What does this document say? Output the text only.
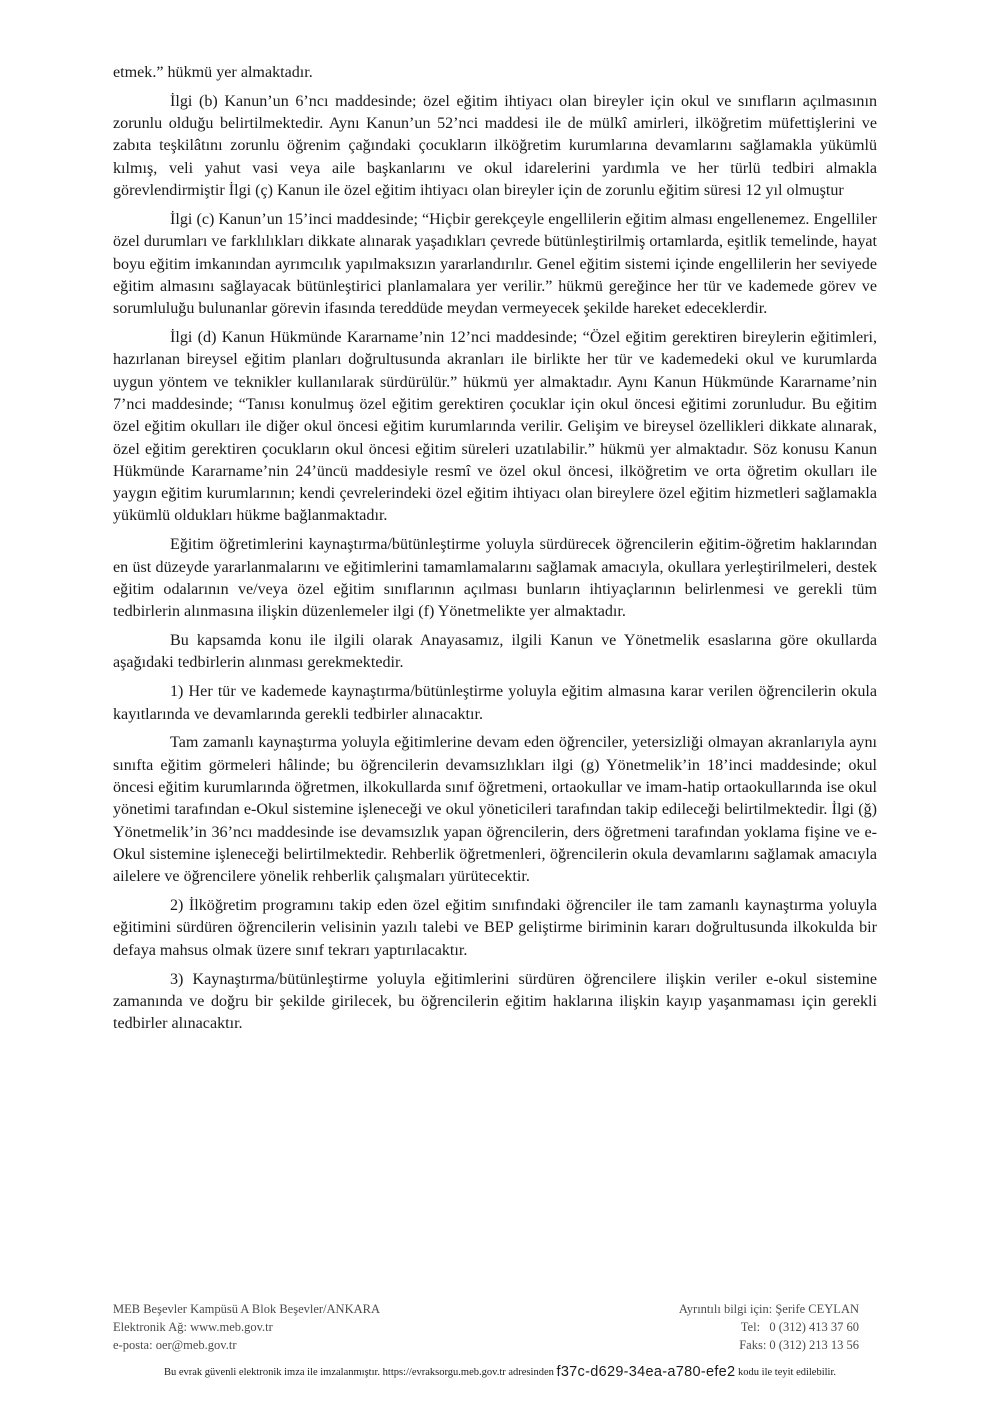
etmek.” hükmü yer almaktadır.

İlgi (b) Kanun’un 6’ncı maddesinde; özel eğitim ihtiyacı olan bireyler için okul ve sınıfların açılmasının zorunlu olduğu belirtilmektedir. Aynı Kanun’un 52’nci maddesi ile de mülkî amirleri, ilköğretim müfettişlerini ve zabıta teşkilâtını zorunlu öğrenim çağındaki çocukların ilköğretim kurumlarına devamlarını sağlamakla yükümlü kılmış, veli yahut vasi veya aile başkanlarını ve okul idarelerini yardımla ve her türlü tedbiri almakla görevlendirmiştir İlgi (ç) Kanun ile özel eğitim ihtiyacı olan bireyler için de zorunlu eğitim süresi 12 yıl olmuştur

İlgi (c) Kanun’un 15’inci maddesinde; “Hiçbir gerekçeyle engellilerin eğitim alması engellenemez. Engelliler özel durumları ve farklılıkları dikkate alınarak yaşadıkları çevrede bütünleştirilmiş ortamlarda, eşitlik temelinde, hayat boyu eğitim imkanından ayrımcılık yapılmaksızın yararlandırılır. Genel eğitim sistemi içinde engellilerin her seviyede eğitim almasını sağlayacak bütünleştirici planlamalara yer verilir.” hükmü gereğince her tür ve kademede görev ve sorumluluğu bulunanlar görevin ifasında tereddüde meydan vermeyecek şekilde hareket edeceklerdir.

İlgi (d) Kanun Hükmünde Kararname’nin 12’nci maddesinde; “Özel eğitim gerektiren bireylerin eğitimleri, hazırlanan bireysel eğitim planları doğrultusunda akranları ile birlikte her tür ve kademedeki okul ve kurumlarda uygun yöntem ve teknikler kullanılarak sürdürülür.” hükmü yer almaktadır. Aynı Kanun Hükmünde Kararname’nin 7’nci maddesinde; “Tanısı konulmuş özel eğitim gerektiren çocuklar için okul öncesi eğitimi zorunludur. Bu eğitim özel eğitim okulları ile diğer okul öncesi eğitim kurumlarında verilir. Gelişim ve bireysel özellikleri dikkate alınarak, özel eğitim gerektiren çocukların okul öncesi eğitim süreleri uzatılabilir.” hükmü yer almaktadır. Söz konusu Kanun Hükmünde Kararname’nin 24’üncü maddesiyle resmî ve özel okul öncesi, ilköğretim ve orta öğretim okulları ile yaygın eğitim kurumlarının; kendi çevrelerindeki özel eğitim ihtiyacı olan bireylere özel eğitim hizmetleri sağlamakla yükümlü oldukları hükme bağlanmaktadır.

Eğitim öğretimlerini kaynaştırma/bütünleştirme yoluyla sürdürecek öğrencilerin eğitim-öğretim haklarından en üst düzeyde yararlanmalarını ve eğitimlerini tamamlamalarını sağlamak amacıyla, okullara yerleştirilmeleri, destek eğitim odalarının ve/veya özel eğitim sınıflarının açılması bunların ihtiyaçlarının belirlenmesi ve gerekli tüm tedbirlerin alınmasına ilişkin düzenlemeler ilgi (f) Yönetmelikte yer almaktadır.

Bu kapsamda konu ile ilgili olarak Anayasamız, ilgili Kanun ve Yönetmelik esaslarına göre okullarda aşağıdaki tedbirlerin alınması gerekmektedir.

1) Her tür ve kademede kaynaştırma/bütünleştirme yoluyla eğitim almasına karar verilen öğrencilerin okula kayıtlarında ve devamlarında gerekli tedbirler alınacaktır.

Tam zamanlı kaynaştırma yoluyla eğitimlerine devam eden öğrenciler, yetersizliği olmayan akranlarıyla aynı sınıfta eğitim görmeleri hâlinde; bu öğrencilerin devamsızlıkları ilgi (g) Yönetmelik’in 18’inci maddesinde; okul öncesi eğitim kurumlarında öğretmen, ilkokullarda sınıf öğretmeni, ortaokullar ve imam-hatip ortaokullarında ise okul yönetimi tarafından e-Okul sistemine işleneceği ve okul yöneticileri tarafından takip edileceği belirtilmektedir. İlgi (ğ) Yönetmelik’in 36’ncı maddesinde ise devamsızlık yapan öğrencilerin, ders öğretmeni tarafından yoklama fişine ve e-Okul sistemine işleneceği belirtilmektedir. Rehberlik öğretmenleri, öğrencilerin okula devamlarını sağlamak amacıyla ailelere ve öğrencilere yönelik rehberlik çalışmaları yürütecektir.

2) İlköğretim programını takip eden özel eğitim sınıfındaki öğrenciler ile tam zamanlı kaynaştırma yoluyla eğitimini sürdüren öğrencilerin velisinin yazılı talebi ve BEP geliştirme biriminin kararı doğrultusunda ilkokulda bir defaya mahsus olmak üzere sınıf tekrarı yaptırılacaktır.

3) Kaynaştırma/bütünleştirme yoluyla eğitimlerini sürdüren öğrencilere ilişkin veriler e-okul sistemine zamanında ve doğru bir şekilde girilecek, bu öğrencilerin eğitim haklarına ilişkin kayıp yaşanmaması için gerekli tedbirler alınacaktır.

MEB Beşevler Kampüsü A Blok Beşevler/ANKARA
Elektronik Ağ: www.meb.gov.tr
e-posta: oer@meb.gov.tr
Ayrıntılı bilgi için: Şerife CEYLAN
Tel:   0 (312) 413 37 60
Faks: 0 (312) 213 13 56
Bu evrak güvenli elektronik imza ile imzalanmıştır. https://evraksorgu.meb.gov.tr adresinden f37c-d629-34ea-a780-efe2 kodu ile teyit edilebilir.
